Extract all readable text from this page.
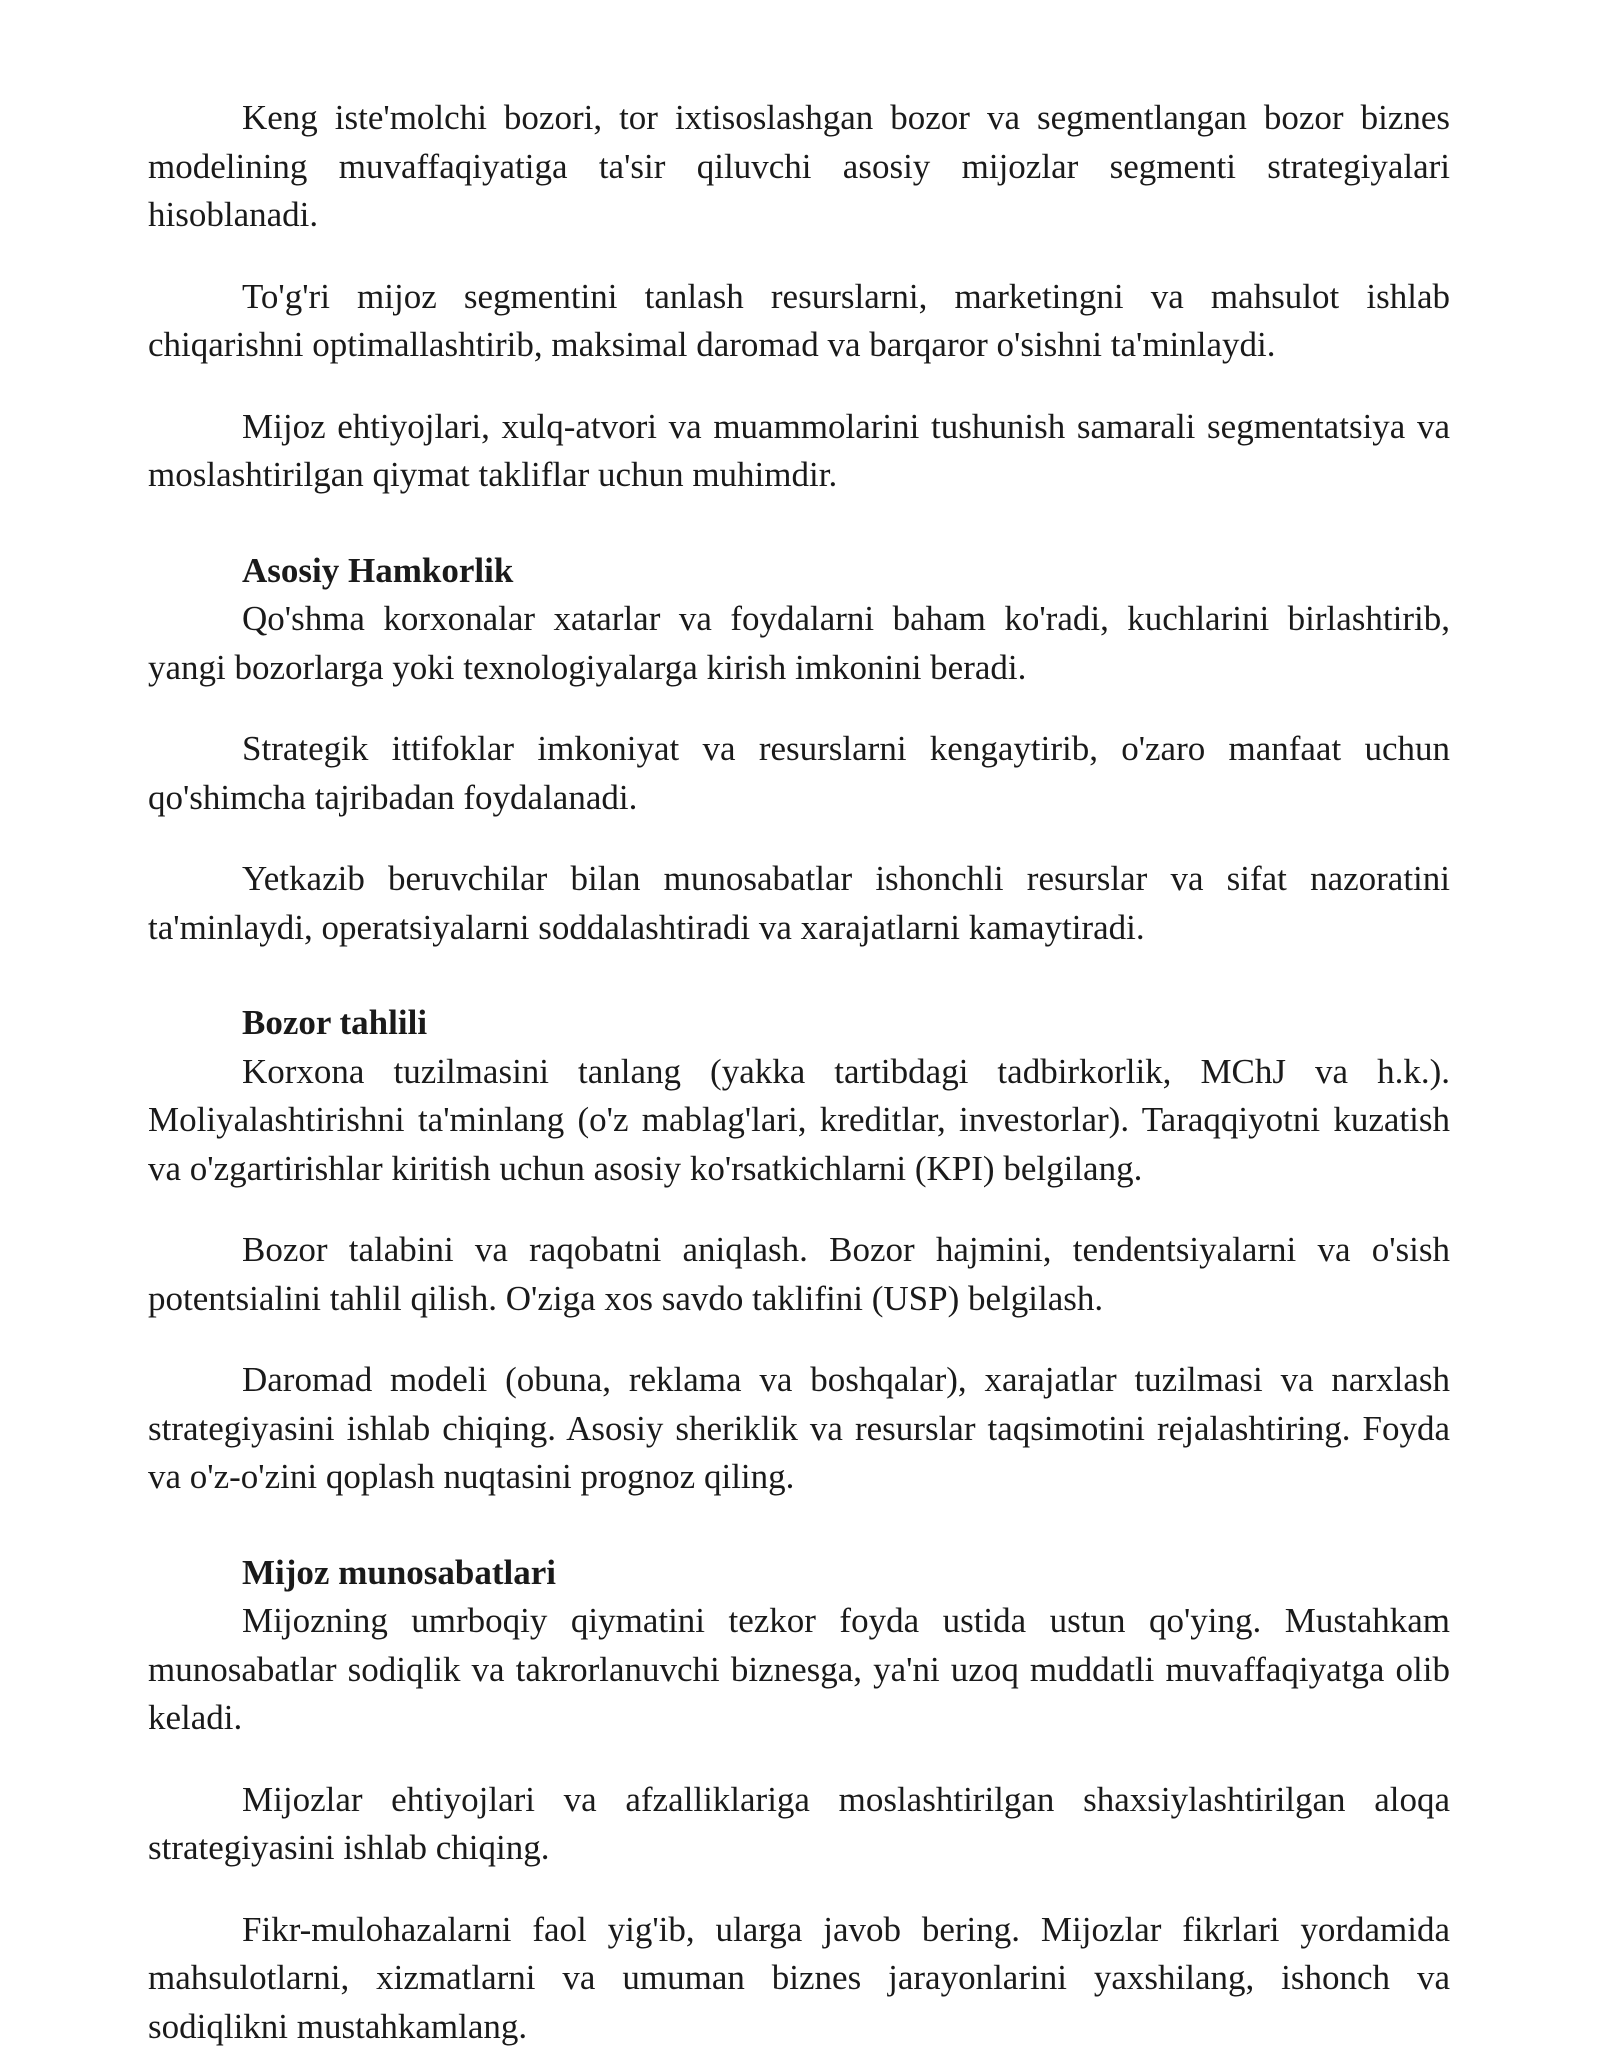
Keng iste'molchi bozori, tor ixtisoslashgan bozor va segmentlangan bozor biznes modelining muvaffaqiyatiga ta'sir qiluvchi asosiy mijozlar segmenti strategiyalari hisoblanadi.

To'g'ri mijoz segmentini tanlash resurslarni, marketingni va mahsulot ishlab chiqarishni optimallashtirib, maksimal daromad va barqaror o'sishni ta'minlaydi.

Mijoz ehtiyojlari, xulq-atvori va muammolarini tushunish samarali segmentatsiya va moslashtirilgan qiymat takliflar uchun muhimdir.

Asosiy Hamkorlik

Qo'shma korxonalar xatarlar va foydalarni baham ko'radi, kuchlarini birlashtirib, yangi bozorlarga yoki texnologiyalarga kirish imkonini beradi.

Strategik ittifoklar imkoniyat va resurslarni kengaytirib, o'zaro manfaat uchun qo'shimcha tajribadan foydalanadi.

Yetkazib beruvchilar bilan munosabatlar ishonchli resurslar va sifat nazoratini ta'minlaydi, operatsiyalarni soddalashtiradi va xarajatlarni kamaytiradi.

Bozor tahlili

Korxona tuzilmasini tanlang (yakka tartibdagi tadbirkorlik, MChJ va h.k.). Moliyalashtirishni ta'minlang (o'z mablag'lari, kreditlar, investorlar). Taraqqiyotni kuzatish va o'zgartirishlar kiritish uchun asosiy ko'rsatkichlarni (KPI) belgilang.

Bozor talabini va raqobatni aniqlash. Bozor hajmini, tendentsiyalarni va o'sish potentsialini tahlil qilish. O'ziga xos savdo taklifini (USP) belgilash.

Daromad modeli (obuna, reklama va boshqalar), xarajatlar tuzilmasi va narxlash strategiyasini ishlab chiqing. Asosiy sheriklik va resurslar taqsimotini rejalashtiring. Foyda va o'z-o'zini qoplash nuqtasini prognoz qiling.

Mijoz munosabatlari

Mijozning umrboqiy qiymatini tezkor foyda ustida ustun qo'ying. Mustahkam munosabatlar sodiqlik va takrorlanuvchi biznesga, ya'ni uzoq muddatli muvaffaqiyatga olib keladi.

Mijozlar ehtiyojlari va afzalliklariga moslashtirilgan shaxsiylashtirilgan aloqa strategiyasini ishlab chiqing.

Fikr-mulohazalarni faol yig'ib, ularga javob bering. Mijozlar fikrlari yordamida mahsulotlarni, xizmatlarni va umuman biznes jarayonlarini yaxshilang, ishonch va sodiqlikni mustahkamlang.
